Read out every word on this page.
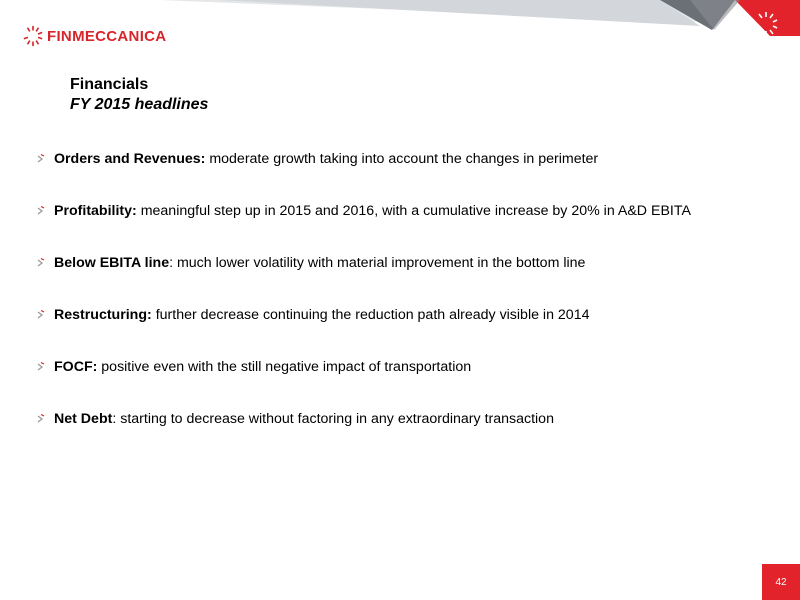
FINMECCANICA
Financials
FY 2015 headlines
Orders and Revenues: moderate growth taking into account the changes in perimeter
Profitability: meaningful step up in 2015 and 2016, with a cumulative increase by 20% in A&D EBITA
Below EBITA line: much lower volatility with material improvement in the bottom line
Restructuring: further decrease continuing the reduction path already visible in 2014
FOCF: positive even with the still negative impact of transportation
Net Debt: starting to decrease without factoring in any extraordinary transaction
42
